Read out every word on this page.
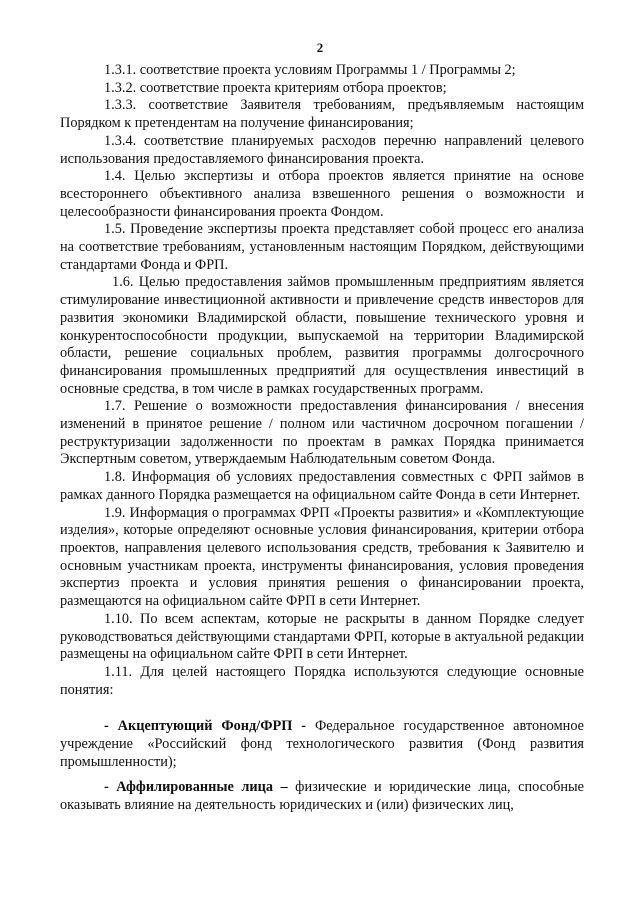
2

1.3.1. соответствие проекта условиям Программы 1 / Программы 2;

1.3.2. соответствие проекта критериям отбора проектов;

1.3.3. соответствие Заявителя требованиям, предъявляемым настоящим Порядком к претендентам на получение финансирования;

1.3.4. соответствие планируемых расходов перечню направлений целевого использования предоставляемого финансирования проекта.

1.4. Целью экспертизы и отбора проектов является принятие на основе всестороннего объективного анализа взвешенного решения о возможности и целесообразности финансирования проекта Фондом.

1.5. Проведение экспертизы проекта представляет собой процесс его анализа на соответствие требованиям, установленным настоящим Порядком, действующими стандартами Фонда и ФРП.

1.6. Целью предоставления займов промышленным предприятиям является стимулирование инвестиционной активности и привлечение средств инвесторов для развития экономики Владимирской области, повышение технического уровня и конкурентоспособности продукции, выпускаемой на территории Владимирской области, решение социальных проблем, развития программы долгосрочного финансирования промышленных предприятий для осуществления инвестиций в основные средства, в том числе в рамках государственных программ.

1.7. Решение о возможности предоставления финансирования / внесения изменений в принятое решение / полном или частичном досрочном погашении / реструктуризации задолженности по проектам в рамках Порядка принимается Экспертным советом, утверждаемым Наблюдательным советом Фонда.

1.8. Информация об условиях предоставления совместных с ФРП займов в рамках данного Порядка размещается на официальном сайте Фонда в сети Интернет.

1.9. Информация о программах ФРП «Проекты развития» и «Комплектующие изделия», которые определяют основные условия финансирования, критерии отбора проектов, направления целевого использования средств, требования к Заявителю и основным участникам проекта, инструменты финансирования, условия проведения экспертиз проекта и условия принятия решения о финансировании проекта, размещаются на официальном сайте ФРП в сети Интернет.

1.10. По всем аспектам, которые не раскрыты в данном Порядке следует руководствоваться действующими стандартами ФРП, которые в актуальной редакции размещены на официальном сайте ФРП в сети Интернет.

1.11. Для целей настоящего Порядка используются следующие основные понятия:

- Акцептующий Фонд/ФРП - Федеральное государственное автономное учреждение «Российский фонд технологического развития (Фонд развития промышленности);

- Аффилированные лица – физические и юридические лица, способные оказывать влияние на деятельность юридических и (или) физических лиц,
